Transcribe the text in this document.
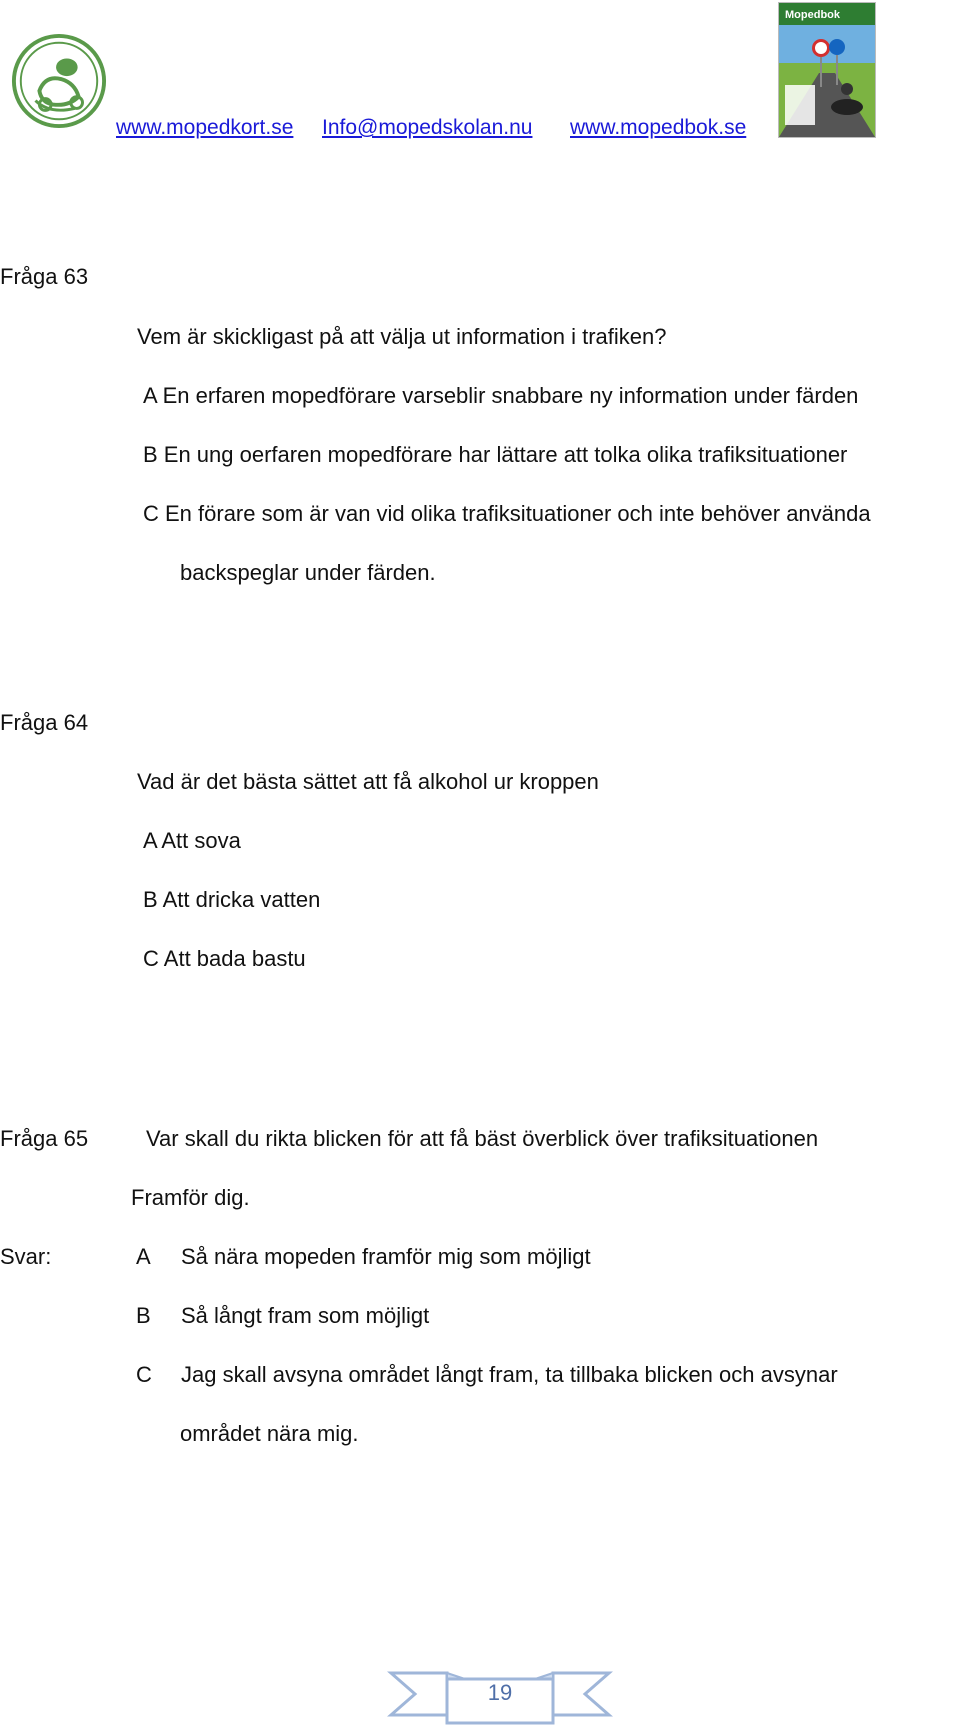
www.mopedkort.se Info@mopedskolan.nu www.mopedbok.se
Mopedbok
Fråga 63
Vem är skickligast på att välja ut information i trafiken?
A En erfaren mopedförare varseblir snabbare ny information under färden
B En ung oerfaren mopedförare har lättare att tolka olika trafiksituationer
C En förare som är van vid olika trafiksituationer och inte behöver använda
backspeglar under färden.
Fråga 64
Vad är det bästa sättet att få alkohol ur kroppen
A Att sova
B Att dricka vatten
C Att bada bastu
Fråga 65	Var skall du rikta blicken för att få bäst överblick över trafiksituationen
Framför dig.
Svar:	A Så nära mopeden framför mig som möjligt
B Så långt fram som möjligt
C Jag skall avsyna området långt fram, ta tillbaka blicken och avsynar
området nära mig.
19
